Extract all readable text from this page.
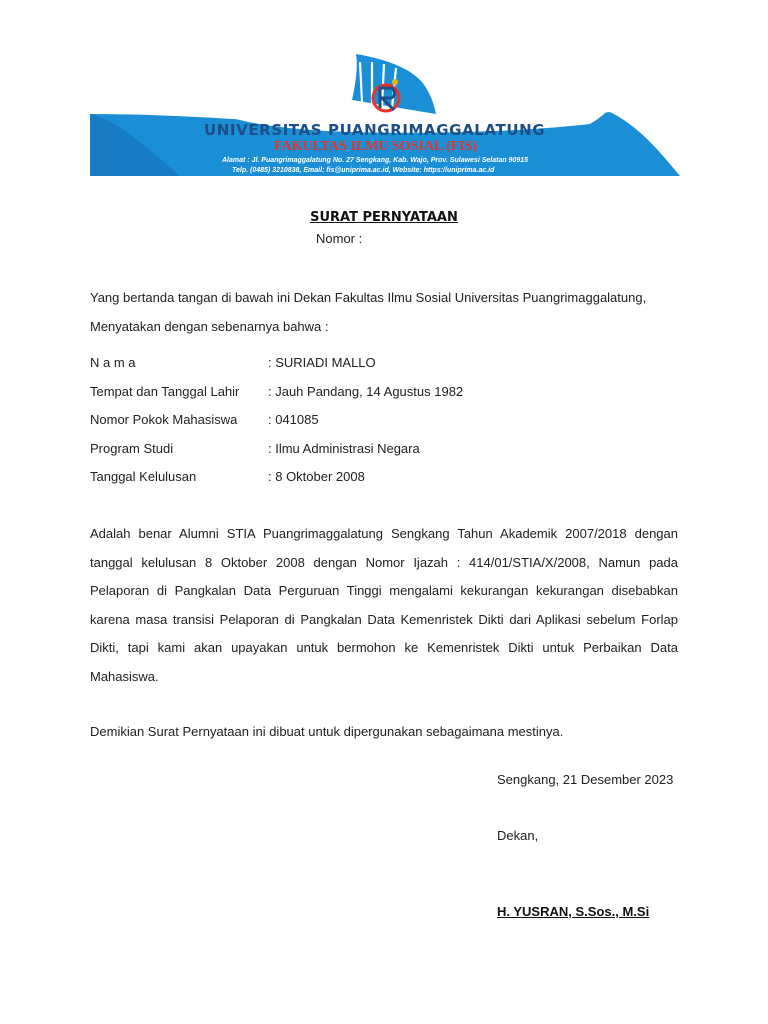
UNIPRIMA
UNIVERSITAS PUANGRIMAGGALATUNG
FAKULTAS ILMU SOSIAL (FIS)
Alamat : Jl. Puangrimaggalatung No. 27 Sengkang, Kab. Wajo, Prov. Sulawesi Selatan 90915
Telp. (0485) 3210838, Email: fis@uniprima.ac.id, Website: https://uniprima.ac.id
SURAT PERNYATAAN
Nomor :
Yang bertanda tangan di bawah ini Dekan Fakultas Ilmu Sosial Universitas Puangrimaggalatung,
Menyatakan dengan sebenarnya bahwa :
N a m a	: SURIADI MALLO
Tempat dan Tanggal Lahir : Jauh Pandang, 14 Agustus 1982
Nomor Pokok Mahasiswa : 041085
Program Studi	: Ilmu Administrasi Negara
Tanggal Kelulusan	: 8 Oktober 2008
Adalah benar Alumni STIA Puangrimaggalatung Sengkang Tahun Akademik 2007/2018 dengan tanggal kelulusan 8 Oktober 2008 dengan Nomor Ijazah : 414/01/STIA/X/2008, Namun pada Pelaporan di Pangkalan Data Perguruan Tinggi mengalami kekurangan kekurangan disebabkan karena masa transisi Pelaporan di Pangkalan Data Kemenristek Dikti dari Aplikasi sebelum Forlap Dikti, tapi kami akan upayakan untuk bermohon ke Kemenristek Dikti untuk Perbaikan Data Mahasiswa.
Demikian Surat Pernyataan ini dibuat untuk dipergunakan sebagaimana mestinya.
Sengkang, 21 Desember 2023
Dekan,
H. YUSRAN, S.Sos., M.Si
